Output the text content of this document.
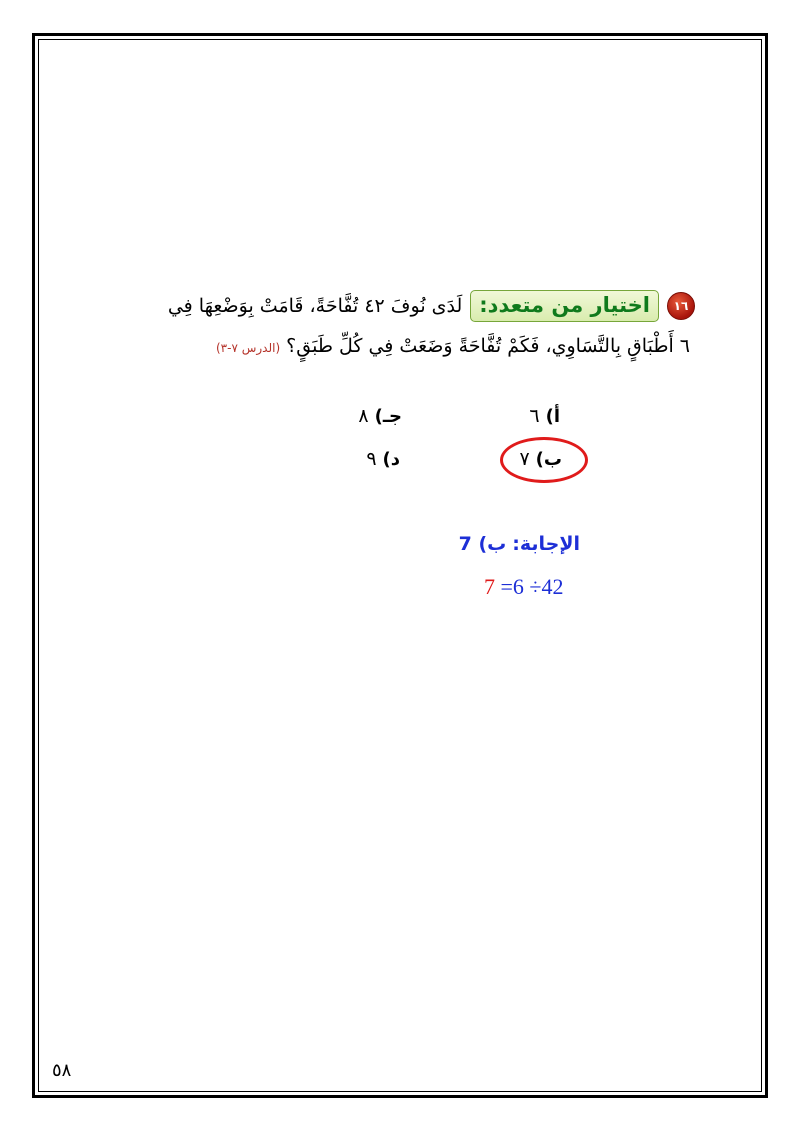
١٦
اختيار من متعدد:
لَدَى نُوفَ ٤٢ تُفَّاحَةً، قَامَتْ بِوَضْعِهَا فِي
٦ أَطْبَاقٍ بِالتَّسَاوِي، فَكَمْ تُفَّاحَةً وَضَعَتْ فِي كُلِّ طَبَقٍ؟
(الدرس ٧-٣)
أ)
٦
جـ)
٨
ب)
٧
د)
٩
الإجابة:
ب) 7
7 =6 ÷42
٥٨
